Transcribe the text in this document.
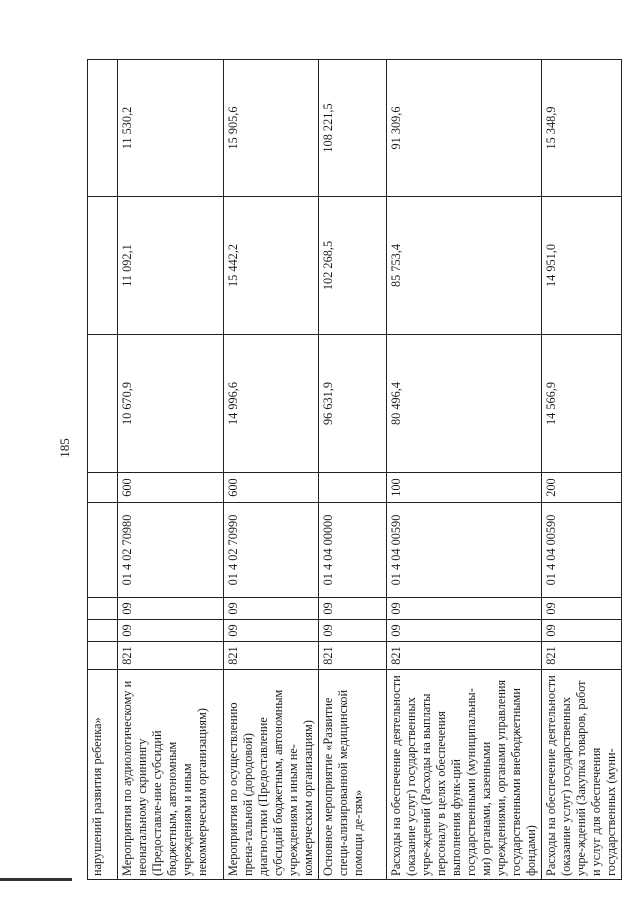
185
нарушений развития ребенка»								
Мероприятия по аудиологическому и неонатальному скринингу (Предоставле-ние субсидий бюджетным, автономным учреждениям и иным некоммерческим организациям)	821	09	09	01 4 02 70980	600	10 670,9	11 092,1	11 530,2
Мероприятия по осуществлению прена-тальной (дородовой) диагностики (Предоставление субсидий бюджетным, автономным учреждениям и иным не-коммерческим организациям)	821	09	09	01 4 02 70990	600	14 996,6	15 442,2	15 905,6
Основное мероприятие «Развитие специ-ализированной медицинской помощи де-тям»	821	09	09	01 4 04 00000		96 631,9	102 268,5	108 221,5
Расходы на обеспечение деятельности (оказание услуг) государственных учре-ждений (Расходы на выплаты персоналу в целях обеспечения выполнения функ-ций государственными (муниципальны-ми) органами, казенными учреждениями, органами управления государственными внебюджетными фондами)	821	09	09	01 4 04 00590	100	80 496,4	85 753,4	91 309,6
Расходы на обеспечение деятельности (оказание услуг) государственных учре-ждений (Закупка товаров, работ и услуг для обеспечения государственных (муни-	821	09	09	01 4 04 00590	200	14 566,9	14 951,0	15 348,9
